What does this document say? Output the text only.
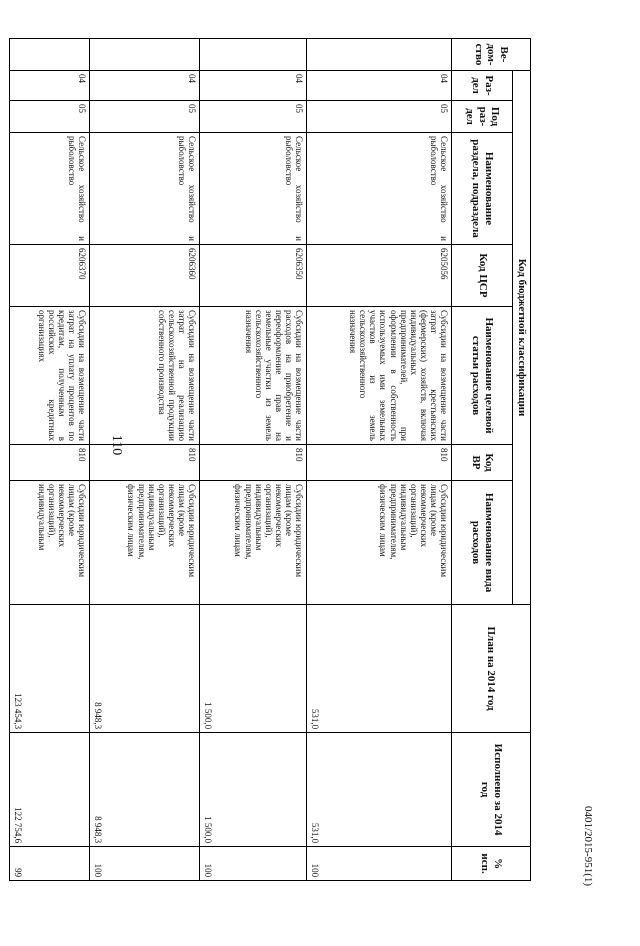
110
Ве-дом-ство	Код бюджетной классификации							План на 2014 год	Исполнено за 2014 год	% исп.
	Раз-дел	Под раз-дел	Наименование раздела, подраздела	Код ЦСР	Наименование целевой статьи расходов	Код ВР	Наименование вида расходов			
	04	05	Сельское хозяйство и рыболовство	6205056	Субсидии на возмещение части затрат крестьянских (фермерских) хозяйств, включая индивидуальных предпринимателей, при оформлении в собственность используемых ими земельных участков из земель сельскохозяйственного назначения	810	Субсидии юридическим лицам (кроме некоммерческих организаций), индивидуальным предпринимателям, физическим лицам	531,0	531,0	100
	04	05	Сельское хозяйство и рыболовство	6206350	Субсидии на возмещение части расходов на приобретение и переоформление прав на земельные участки из земель сельскохозяйственного назначения	810	Субсидии юридическим лицам (кроме некоммерческих организаций), индивидуальным предпринимателям, физическим лицам	1 500,0	1 500,0	100
	04	05	Сельское хозяйство и рыболовство	6206360	Субсидии на возмещение части затрат на реализацию сельскохозяйственной продукции собственного производства	810	Субсидии юридическим лицам (кроме некоммерческих организаций), индивидуальным предпринимателям, физическим лицам	8 948,3	8 948,3	100
	04	05	Сельское хозяйство и рыболовство	6206370	Субсидии на возмещение части затрат на уплату процентов по кредитам, полученным в российских кредитных организациях	810	Субсидии юридическим лицам (кроме некоммерческих организаций), индивидуальным	123 454,3	122 754,6	99	0401/2015-951(1)
